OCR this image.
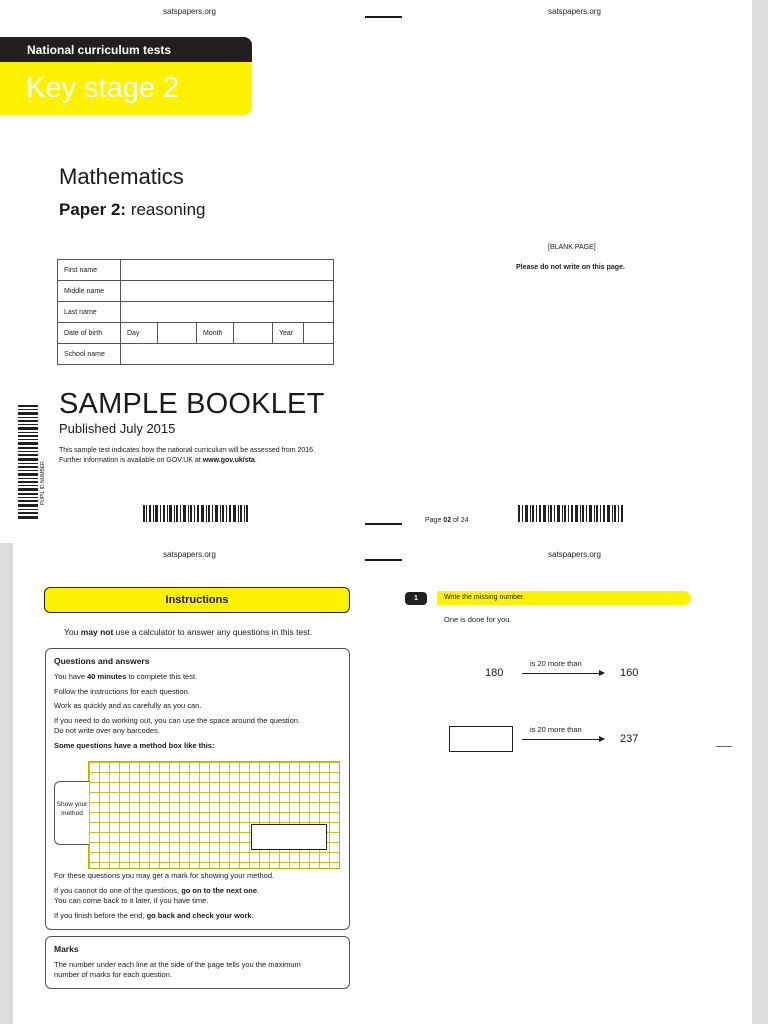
satspapers.org	satspapers.org
National curriculum tests
Key stage 2
Mathematics
Paper 2: reasoning
First name						
Middle name						
Last name						
Date of birth	Day		Month		Year	
School name						
SAMPLE BOOKLET
Published July 2015
This sample test indicates how the national curriculum will be assessed from 2016.
Further information is available on GOV.UK at www.gov.uk/sta.
PUPIL ID NUMBER
[BLANK PAGE]
Please do not write on this page.
Page 02 of 24
satspapers.org	satspapers.org
Instructions
You may not use a calculator to answer any questions in this test.
Questions and answers
You have 40 minutes to complete this test.
Follow the instructions for each question.
Work as quickly and as carefully as you can.
If you need to do working out, you can use the space around the question.
Do not write over any barcodes.
Some questions have a method box like this:
Show your method
For these questions you may get a mark for showing your method.
If you cannot do one of the questions, go on to the next one.
You can come back to it later, if you have time.
If you finish before the end, go back and check your work.
Marks
The number under each line at the side of the page tells you the maximum
number of marks for each question.
1	Write the missing number.
One is done for you.
180
is 20 more than
160
is 20 more than
237
